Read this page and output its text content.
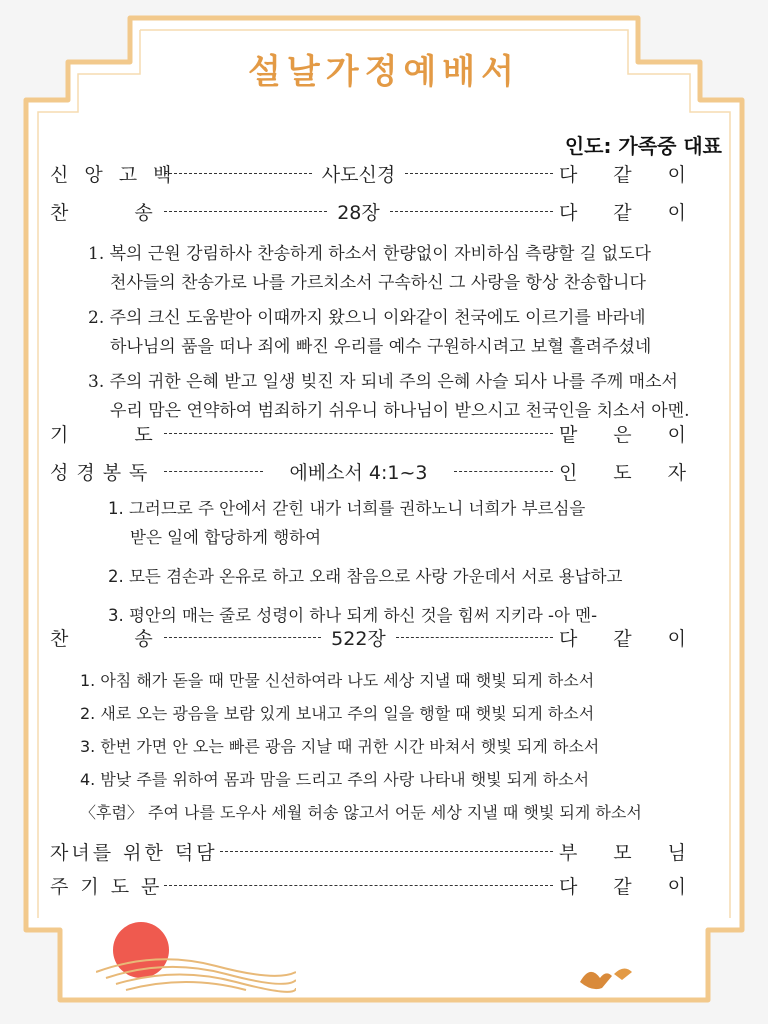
설날가정예배서
인도: 가족중 대표
신앙고백	사도신경	다같이
찬송	28장	다같이
1. 복의 근원 강림하사 찬송하게 하소서 한량없이 자비하심 측량할 길 없도다
천사들의 찬송가로 나를 가르치소서 구속하신 그 사랑을 항상 찬송합니다
2. 주의 크신 도움받아 이때까지 왔으니 이와같이 천국에도 이르기를 바라네
하나님의 품을 떠나 죄에 빠진 우리를 예수 구원하시려고 보혈 흘려주셨네
3. 주의 귀한 은혜 받고 일생 빚진 자 되네 주의 은혜 사슬 되사 나를 주께 매소서
우리 맘은 연약하여 범죄하기 쉬우니 하나님이 받으시고 천국인을 치소서 아멘.
기도	맡은이
성경봉독	에베소서 4:1~3	인도자
1. 그러므로 주 안에서 갇힌 내가 너희를 권하노니 너희가 부르심을
받은 일에 합당하게 행하여
2. 모든 겸손과 온유로 하고 오래 참음으로 사랑 가운데서 서로 용납하고
3. 평안의 매는 줄로 성령이 하나 되게 하신 것을 힘써 지키라 -아 멘-
찬송	522장	다같이
1. 아침 해가 돋을 때 만물 신선하여라 나도 세상 지낼 때 햇빛 되게 하소서
2. 새로 오는 광음을 보람 있게 보내고 주의 일을 행할 때 햇빛 되게 하소서
3. 한번 가면 안 오는 빠른 광음 지날 때 귀한 시간 바쳐서 햇빛 되게 하소서
4. 밤낮 주를 위하여 몸과 맘을 드리고 주의 사랑 나타내 햇빛 되게 하소서
〈후렴〉 주여 나를 도우사 세월 허송 않고서 어둔 세상 지낼 때 햇빛 되게 하소서
자녀를 위한 덕담	부모님
주기도문	다같이
